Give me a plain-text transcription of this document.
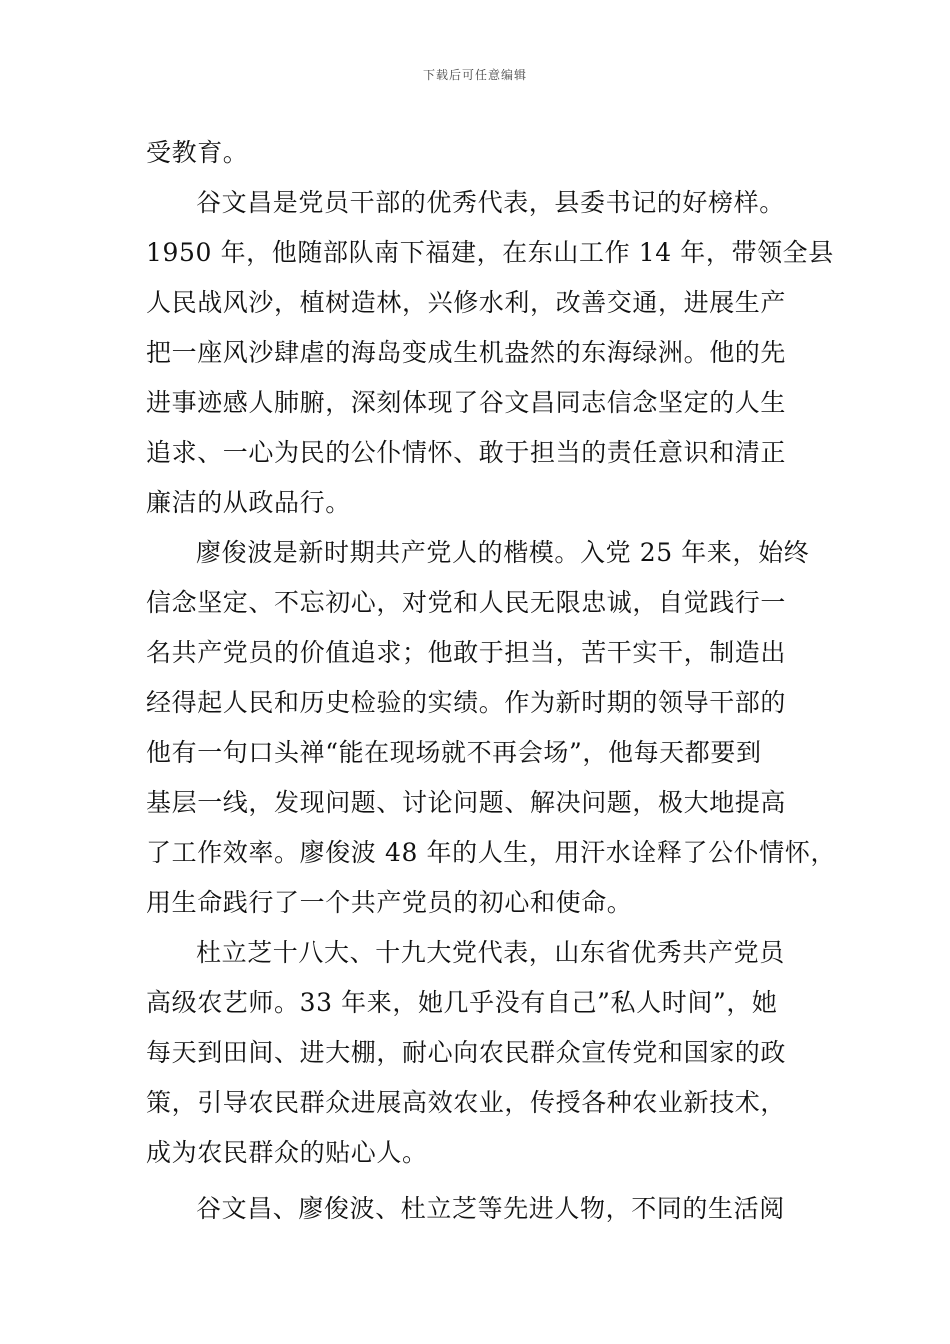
下载后可任意编辑
受教育。
谷文昌是党员干部的优秀代表，县委书记的好榜样。
1950 年，他随部队南下福建，在东山工作 14 年，带领全县
人民战风沙，植树造林，兴修水利，改善交通，进展生产
把一座风沙肆虐的海岛变成生机盎然的东海绿洲。他的先
进事迹感人肺腑，深刻体现了谷文昌同志信念坚定的人生
追求、一心为民的公仆情怀、敢于担当的责任意识和清正
廉洁的从政品行。
廖俊波是新时期共产党人的楷模。入党 25 年来，始终
信念坚定、不忘初心，对党和人民无限忠诚，自觉践行一
名共产党员的价值追求；他敢于担当，苦干实干，制造出
经得起人民和历史检验的实绩。作为新时期的领导干部的
他有一句口头禅“能在现场就不再会场”，他每天都要到
基层一线，发现问题、讨论问题、解决问题，极大地提高
了工作效率。廖俊波 48 年的人生，用汗水诠释了公仆情怀，
用生命践行了一个共产党员的初心和使命。
杜立芝十八大、十九大党代表，山东省优秀共产党员
高级农艺师。33 年来，她几乎没有自己”私人时间”，她
每天到田间、进大棚，耐心向农民群众宣传党和国家的政
策，引导农民群众进展高效农业，传授各种农业新技术，
成为农民群众的贴心人。
谷文昌、廖俊波、杜立芝等先进人物，不同的生活阅
